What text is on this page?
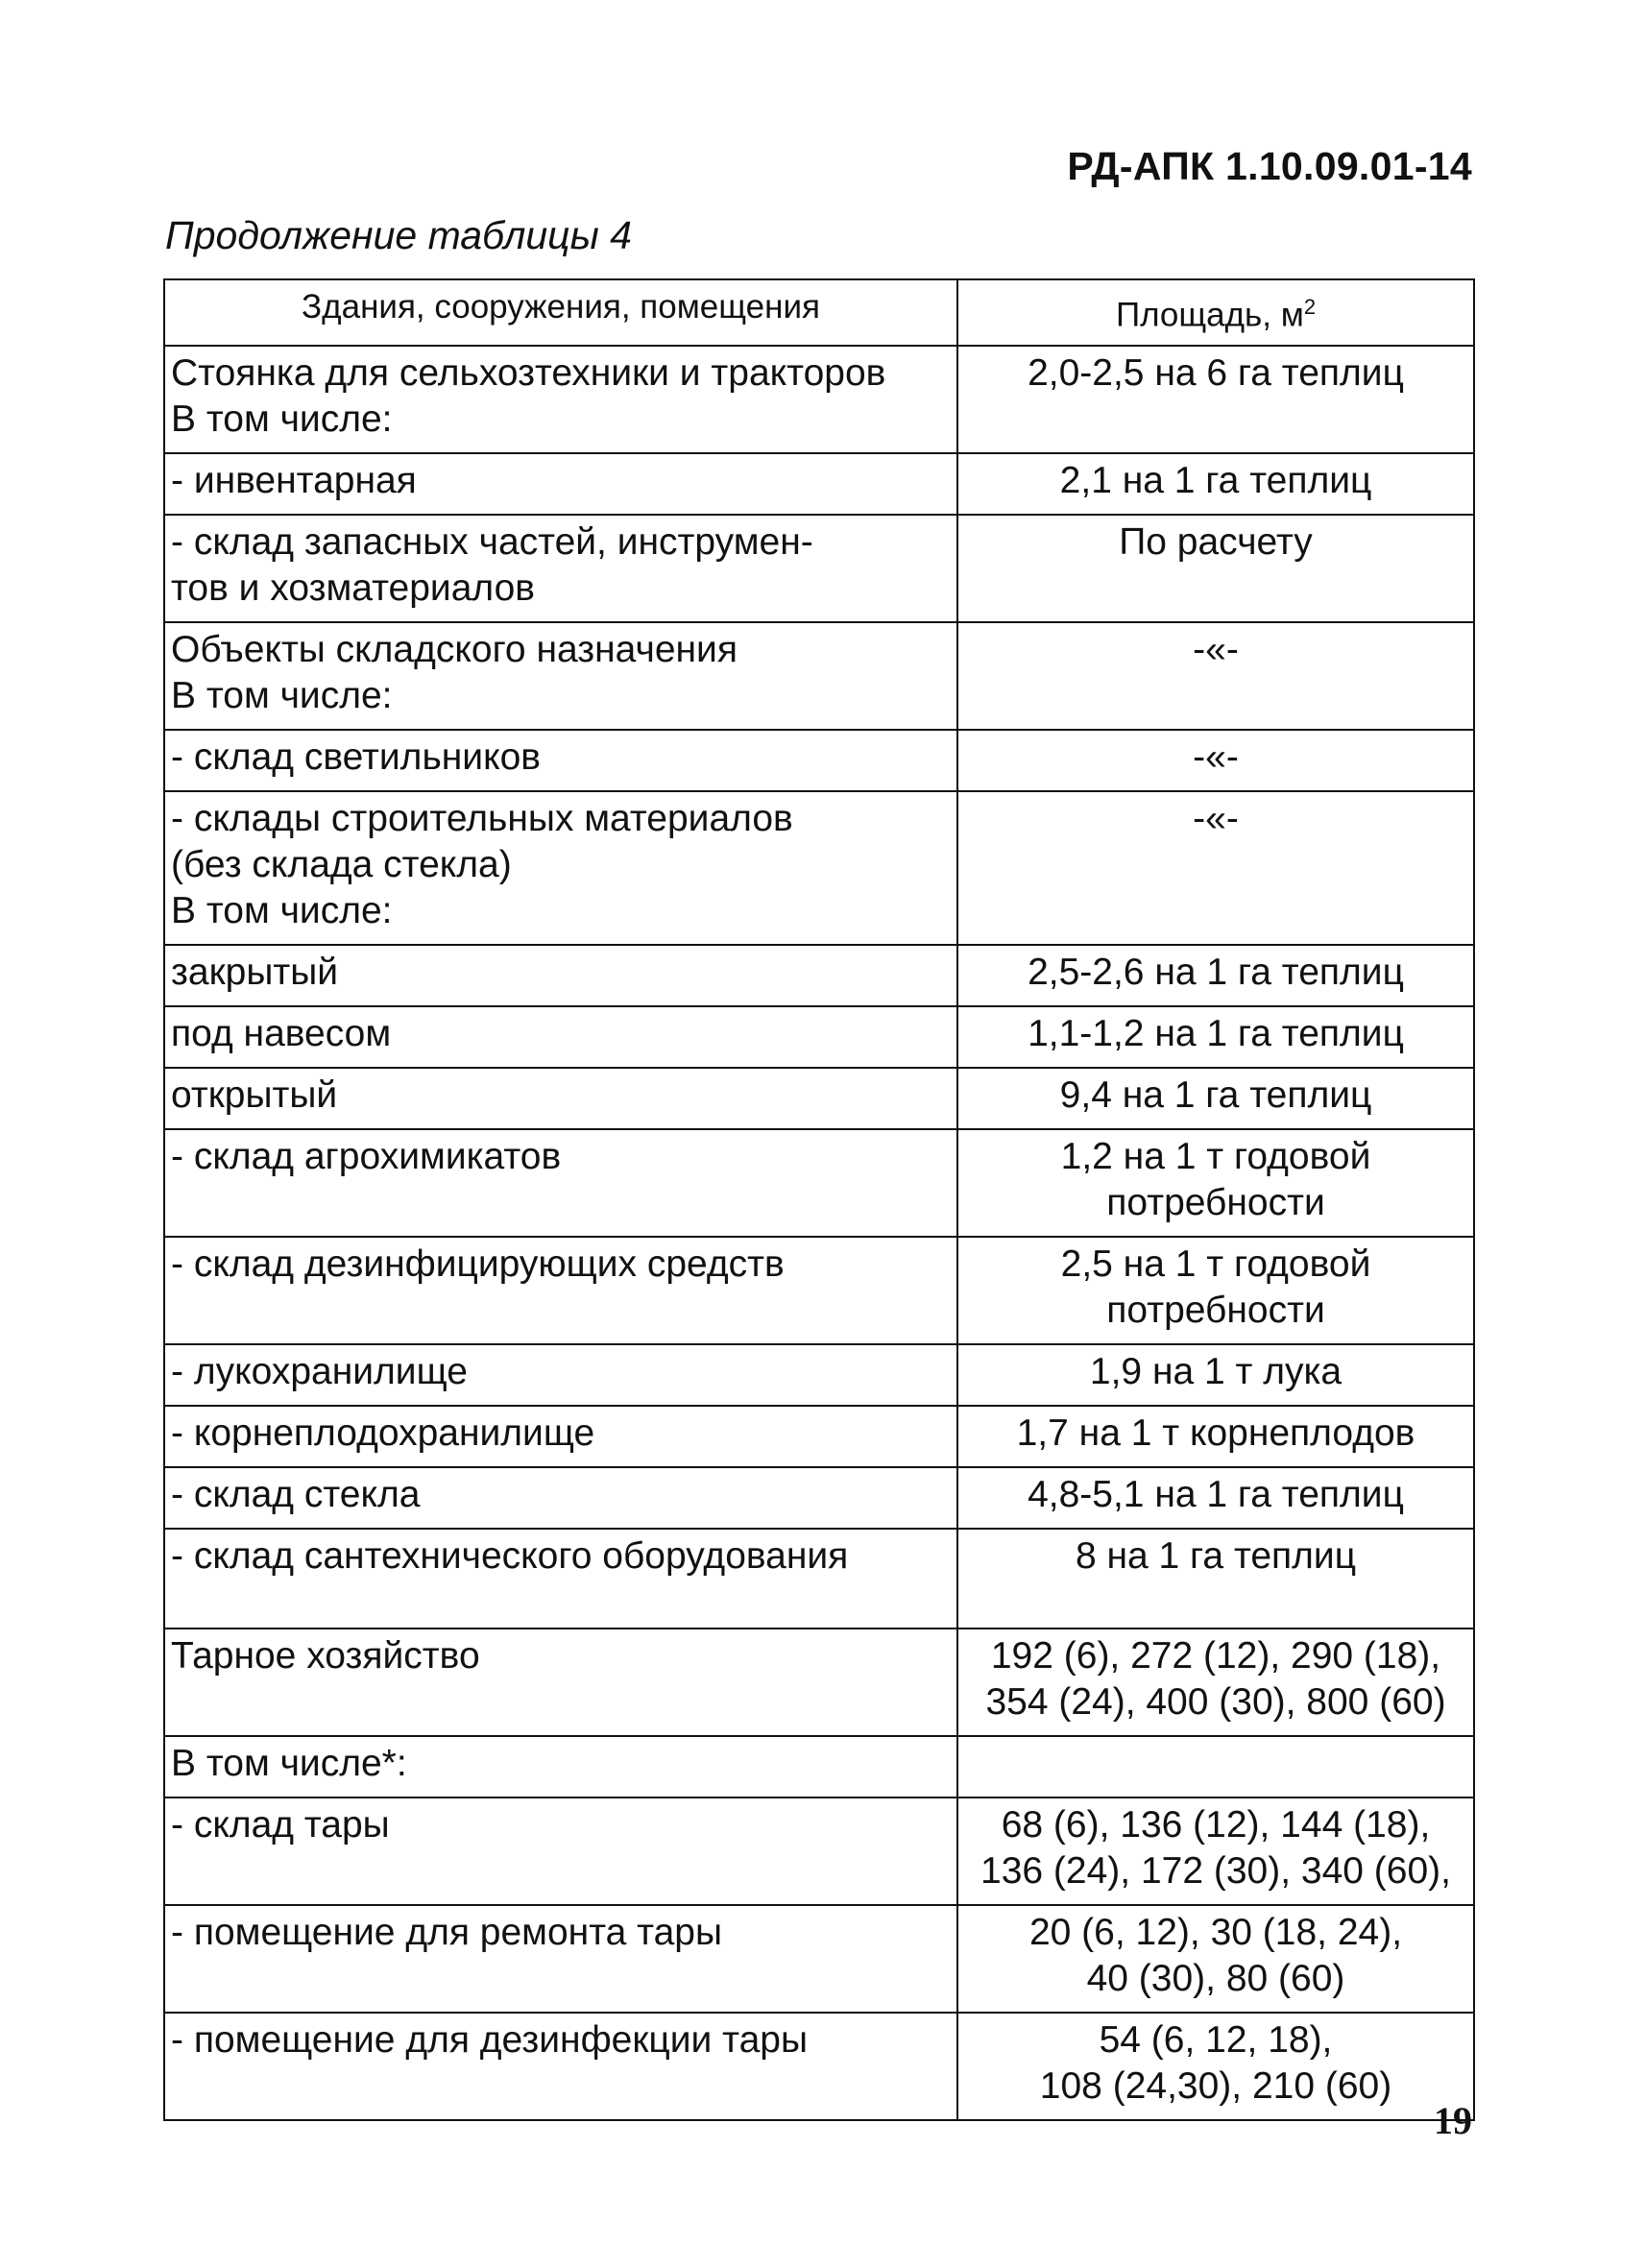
РД-АПК 1.10.09.01-14
Продолжение таблицы 4
Здания, сооружения, помещения	Площадь, $м^2$

Стоянка для сельхозтехники и тракторов
В том числе:	2,0-2,5 на 6 га теплиц

- инвентарная	2,1 на 1 га теплиц

- склад запасных частей, инструмен-
тов и хозматериалов	По расчету

Объекты складского назначения
В том числе:	-«-

- склад светильников	-«-

- склады строительных материалов
(без склада стекла)
В том числе:	-«-

закрытый	2,5-2,6 на 1 га теплиц

под навесом	1,1-1,2 на 1 га теплиц

открытый	9,4 на 1 га теплиц

- склад агрохимикатов	1,2 на 1 т годовой
потребности

- склад дезинфицирующих средств	2,5 на 1 т годовой
потребности

- лукохранилище	1,9 на 1 т лука

- корнеплодохранилище	1,7 на 1 т корнеплодов

- склад стекла	4,8-5,1 на 1 га теплиц

- склад сантехнического оборудования	8 на 1 га теплиц

Тарное хозяйство	192 (6), 272 (12), 290 (18),
354 (24), 400 (30), 800 (60)

В том числе*:	

- склад тары	68 (6), 136 (12), 144 (18),
136 (24), 172 (30), 340 (60),

- помещение для ремонта тары	20 (6, 12), 30 (18, 24),
40 (30), 80 (60)

- помещение для дезинфекции тары	54 (6, 12, 18),
108 (24,30), 210 (60)
19
